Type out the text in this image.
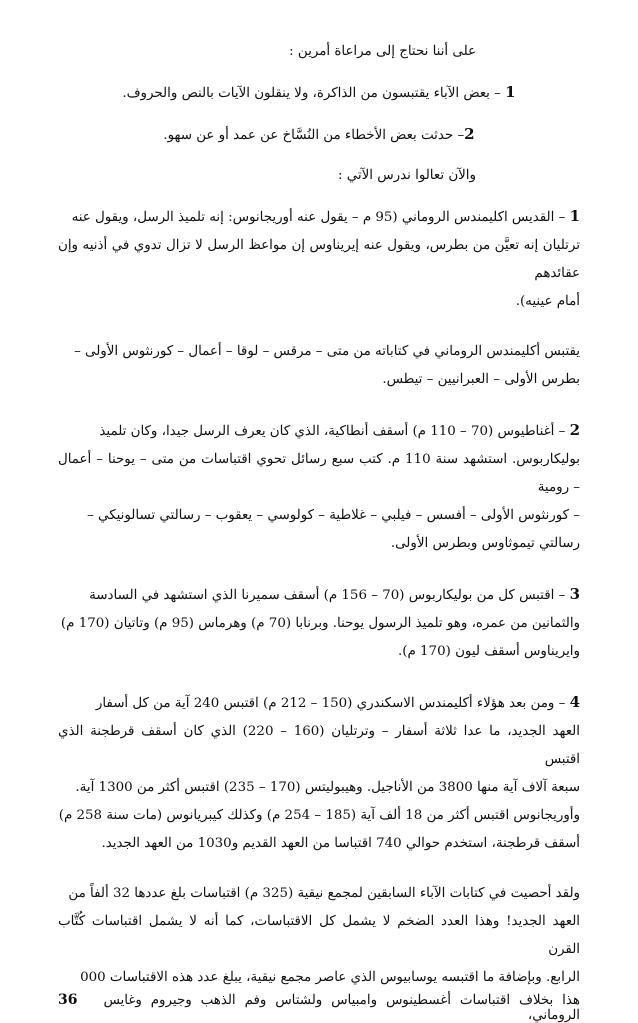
على أننا نحتاج إلى مراعاة أمرين :

1 – بعض الآباء يقتبسون من الذاكرة، ولا ينقلون الآيات بالنص والحروف.

2– حدثت بعض الأخطاء من النُسَّاخ عن عمد أو عن سهو.

والآن تعالوا ندرس الآتي :

1 – القديس اكليمندس الروماني (95 م – يقول عنه أوريجانوس: إنه تلميذ الرسل، ويقول عنه
ترتليان إنه تعيَّن من بطرس، ويقول عنه إيريناوس إن مواعظ الرسل لا تزال تدوي في أذنيه وإن عقائدهم
أمام عينيه).

يقتبس أكليمندس الروماني في كتاباته من متى – مرقس – لوقا – أعمال – كورنثوس الأولى –
بطرس الأولى – العبرانيين – تيطس.

2 – أغناطيوس (70 – 110 م) أسقف أنطاكية، الذي كان يعرف الرسل جيدا، وكان تلميذ
بوليكاربوس. استشهد سنة 110 م. كتب سبع رسائل تحوي اقتباسات من متى – يوحنا – أعمال – رومية
– كورنثوس الأولى – أفسس – فيلبي – غلاطية – كولوسي – يعقوب – رسالتي تسالونيكي –
رسالتي تيموثاوس وبطرس الأولى.

3 – اقتبس كل من بوليكاربوس (70 – 156 م) أسقف سميرنا الذي استشهد في السادسة
والثمانين من عمره، وهو تلميذ الرسول يوحنا. وبرنابا (70 م) وهرماس (95 م) وتاتيان (170 م)
وايريناوس أسقف ليون (170 م).

4 – ومن بعد هؤلاء أكليمندس الاسكندري (150 – 212 م) اقتبس 240 آية من كل أسفار
العهد الجديد، ما عدا ثلاثة أسفار – وترتليان (160 – 220) الذي كان أسقف قرطجنة الذي اقتبس
سبعة آلاف آية منها 3800 من الأناجيل. وهيبوليتس (170 – 235) اقتبس أكثر من 1300 آية.
وأوريجانوس اقتبس أكثر من 18 ألف آية (185 – 254 م) وكذلك كيبريانوس (مات سنة 258 م)
أسقف قرطجنة، استخدم حوالي 740 اقتباسا من العهد القديم و1030 من العهد الجديد.

ولقد أحصيت في كتابات الآباء السابقين لمجمع نيقية (325 م) اقتباسات بلغ عددها 32 ألفاً من
العهد الجديد! وهذا العدد الضخم لا يشمل كل الاقتباسات، كما أنه لا يشمل اقتباسات كُتَّاب القرن
الرابع. وبإضافة ما اقتبسه يوسابيوس الذي عاصر مجمع نيقية، يبلغ عدد هذه الاقتباسات 000

هذا بخلاف اقتباسات أغسطينوس وامبياس ولشتاس وفم الذهب وجيروم وغايس الروماني،
36
